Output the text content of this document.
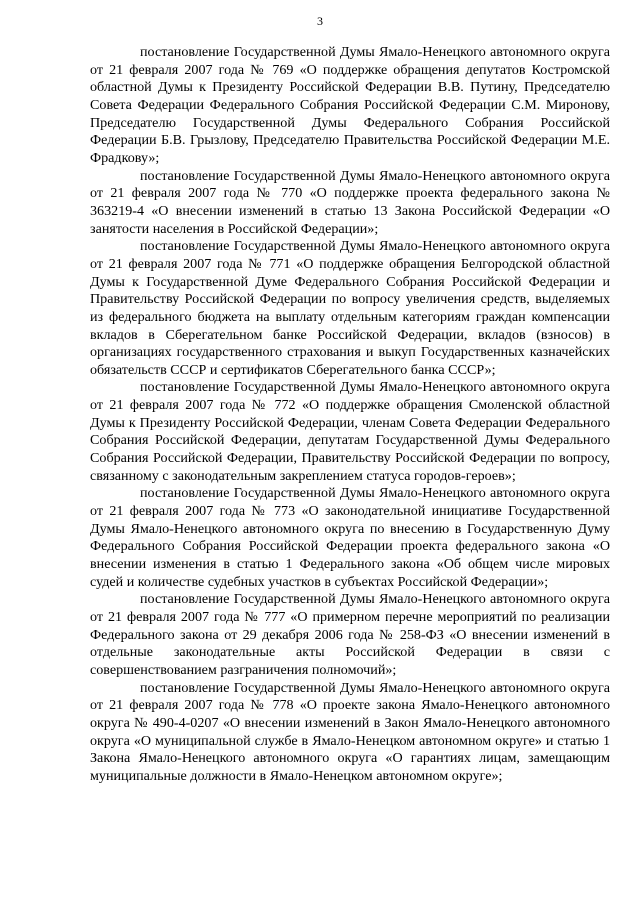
3

постановление Государственной Думы Ямало-Ненецкого автономного округа от 21 февраля 2007 года № 769 «О поддержке обращения депутатов Костромской областной Думы к Президенту Российской Федерации В.В. Путину, Председателю Совета Федерации Федерального Собрания Российской Федерации С.М. Миронову, Председателю Государственной Думы Федерального Собрания Российской Федерации Б.В. Грызлову, Председателю Правительства Российской Федерации М.Е. Фрадкову»;

постановление Государственной Думы Ямало-Ненецкого автономного округа от 21 февраля 2007 года № 770 «О поддержке проекта федерального закона № 363219-4 «О внесении изменений в статью 13 Закона Российской Федерации «О занятости населения в Российской Федерации»;

постановление Государственной Думы Ямало-Ненецкого автономного округа от 21 февраля 2007 года № 771 «О поддержке обращения Белгородской областной Думы к Государственной Думе Федерального Собрания Российской Федерации и Правительству Российской Федерации по вопросу увеличения средств, выделяемых из федерального бюджета на выплату отдельным категориям граждан компенсации вкладов в Сберегательном банке Российской Федерации, вкладов (взносов) в организациях государственного страхования и выкуп Государственных казначейских обязательств СССР и сертификатов Сберегательного банка СССР»;

постановление Государственной Думы Ямало-Ненецкого автономного округа от 21 февраля 2007 года № 772 «О поддержке обращения Смоленской областной Думы к Президенту Российской Федерации, членам Совета Федерации Федерального Собрания Российской Федерации, депутатам Государственной Думы Федерального Собрания Российской Федерации, Правительству Российской Федерации по вопросу, связанному с законодательным закреплением статуса городов-героев»;

постановление Государственной Думы Ямало-Ненецкого автономного округа от 21 февраля 2007 года № 773 «О законодательной инициативе Государственной Думы Ямало-Ненецкого автономного округа по внесению в Государственную Думу Федерального Собрания Российской Федерации проекта федерального закона «О внесении изменения в статью 1 Федерального закона «Об общем числе мировых судей и количестве судебных участков в субъектах Российской Федерации»;

постановление Государственной Думы Ямало-Ненецкого автономного округа от 21 февраля 2007 года № 777 «О примерном перечне мероприятий по реализации Федерального закона от 29 декабря 2006 года № 258-ФЗ «О внесении изменений в отдельные законодательные акты Российской Федерации в связи с совершенствованием разграничения полномочий»;

постановление Государственной Думы Ямало-Ненецкого автономного округа от 21 февраля 2007 года № 778 «О проекте закона Ямало-Ненецкого автономного округа № 490-4-0207 «О внесении изменений в Закон Ямало-Ненецкого автономного округа «О муниципальной службе в Ямало-Ненецком автономном округе» и статью 1 Закона Ямало-Ненецкого автономного округа «О гарантиях лицам, замещающим муниципальные должности в Ямало-Ненецком автономном округе»;
